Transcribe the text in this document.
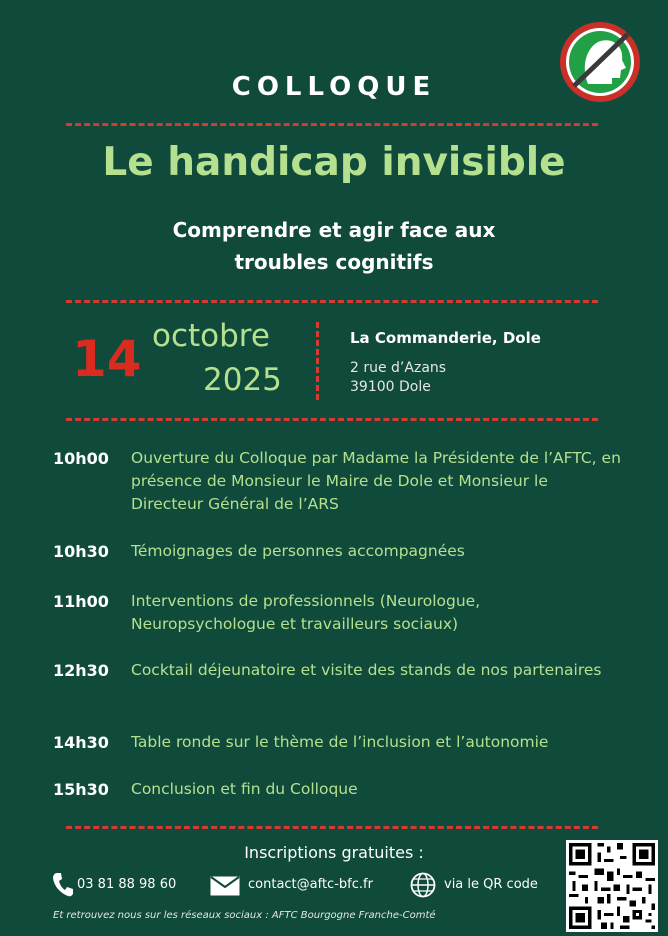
COLLOQUE
Le handicap invisible
Comprendre et agir face aux
troubles cognitifs
14 octobre
2025
La Commanderie, Dole
2 rue d’Azans
39100 Dole
10h00 Ouverture du Colloque par Madame la Présidente de l’AFTC, en présence de Monsieur le Maire de Dole et Monsieur le Directeur Général de l’ARS
10h30 Témoignages de personnes accompagnées
11h00 Interventions de professionnels (Neurologue, Neuropsychologue et travailleurs sociaux)
12h30 Cocktail déjeunatoire et visite des stands de nos partenaires
14h30 Table ronde sur le thème de l’inclusion et l’autonomie
15h30 Conclusion et fin du Colloque
Inscriptions gratuites :
03 81 88 98 60	contact@aftc-bfc.fr	via le QR code
Et retrouvez nous sur les réseaux sociaux : AFTC Bourgogne Franche-Comté
